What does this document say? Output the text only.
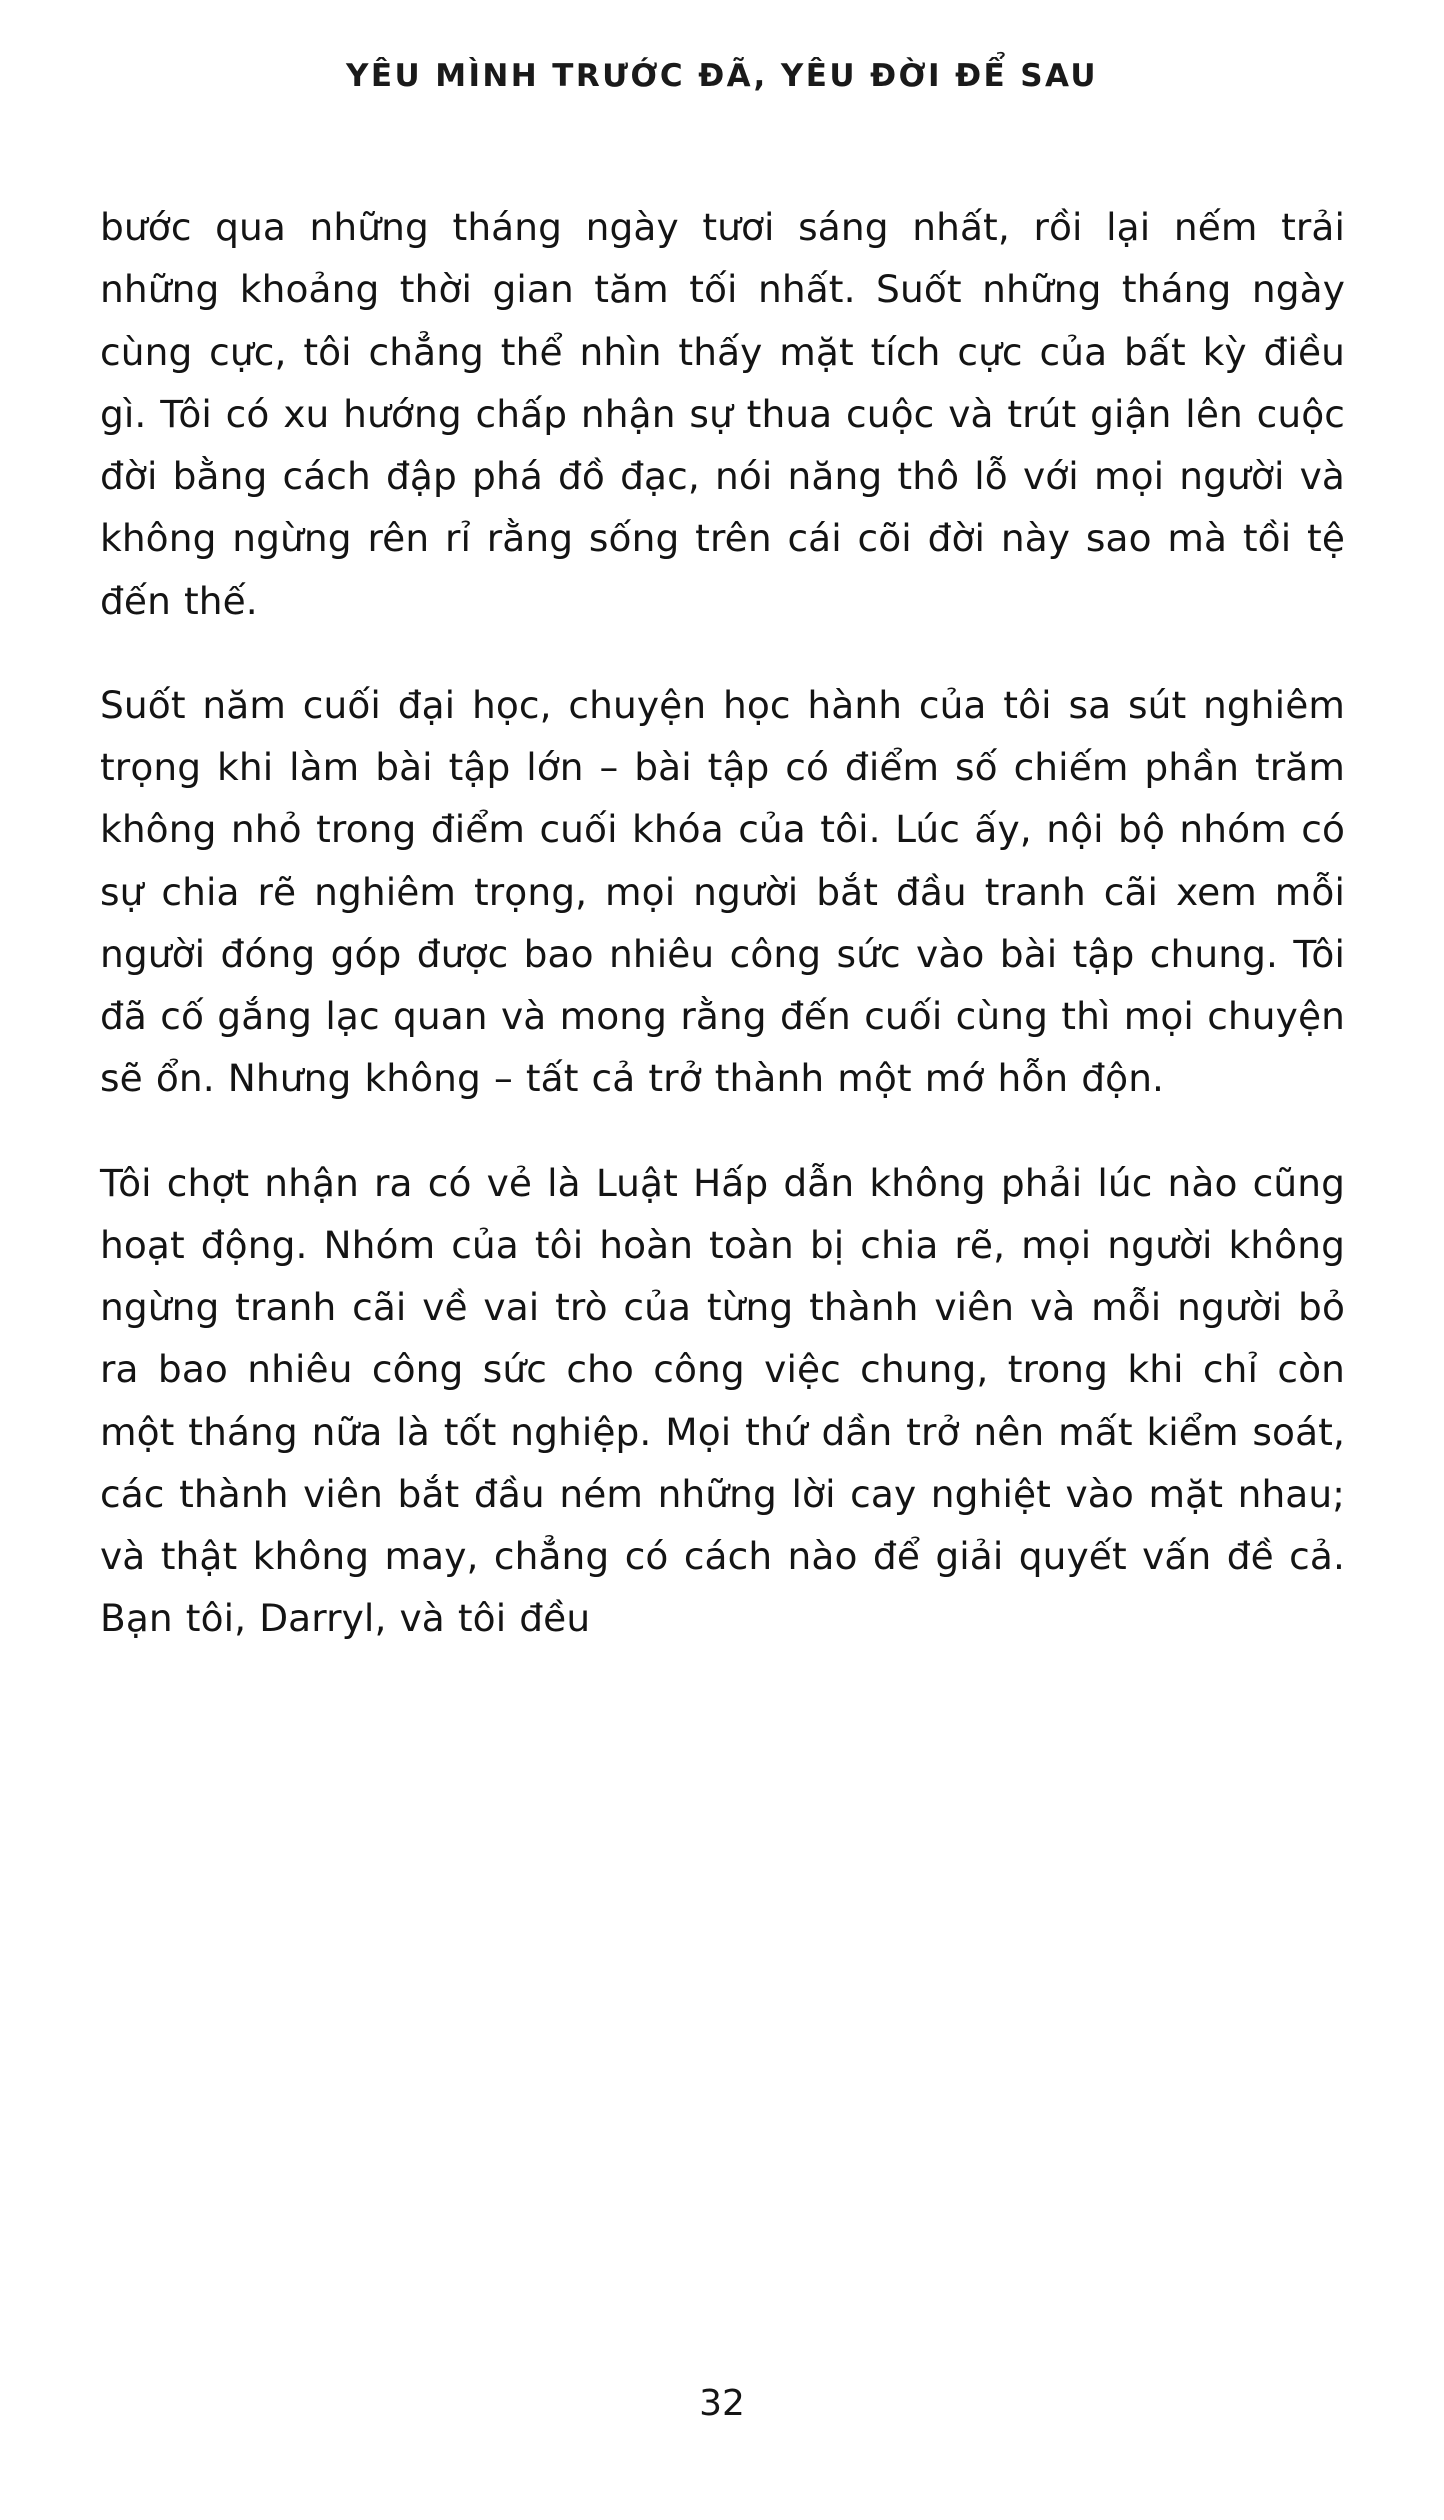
YÊU MÌNH TRƯỚC ĐÃ, YÊU ĐỜI ĐỂ SAU

bước qua những tháng ngày tươi sáng nhất, rồi lại nếm trải những khoảng thời gian tăm tối nhất. Suốt những tháng ngày cùng cực, tôi chẳng thể nhìn thấy mặt tích cực của bất kỳ điều gì. Tôi có xu hướng chấp nhận sự thua cuộc và trút giận lên cuộc đời bằng cách đập phá đồ đạc, nói năng thô lỗ với mọi người và không ngừng rên rỉ rằng sống trên cái cõi đời này sao mà tồi tệ đến thế.

Suốt năm cuối đại học, chuyện học hành của tôi sa sút nghiêm trọng khi làm bài tập lớn – bài tập có điểm số chiếm phần trăm không nhỏ trong điểm cuối khóa của tôi. Lúc ấy, nội bộ nhóm có sự chia rẽ nghiêm trọng, mọi người bắt đầu tranh cãi xem mỗi người đóng góp được bao nhiêu công sức vào bài tập chung. Tôi đã cố gắng lạc quan và mong rằng đến cuối cùng thì mọi chuyện sẽ ổn. Nhưng không – tất cả trở thành một mớ hỗn độn.

Tôi chợt nhận ra có vẻ là Luật Hấp dẫn không phải lúc nào cũng hoạt động. Nhóm của tôi hoàn toàn bị chia rẽ, mọi người không ngừng tranh cãi về vai trò của từng thành viên và mỗi người bỏ ra bao nhiêu công sức cho công việc chung, trong khi chỉ còn một tháng nữa là tốt nghiệp. Mọi thứ dần trở nên mất kiểm soát, các thành viên bắt đầu ném những lời cay nghiệt vào mặt nhau; và thật không may, chẳng có cách nào để giải quyết vấn đề cả. Bạn tôi, Darryl, và tôi đều

32
